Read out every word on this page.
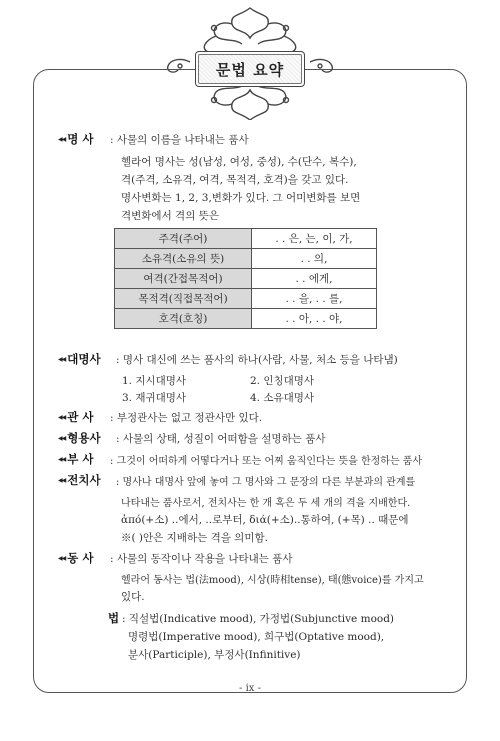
문법 요약
◀◀ 명 사 : 사물의 이름을 나타내는 품사
헬라어 명사는 성(남성, 여성, 중성), 수(단수, 복수),
격(주격, 소유격, 여격, 목적격, 호격)을 갖고 있다.
명사변화는 1, 2, 3,변화가 있다. 그 어미변화를 보면
격변화에서 격의 뜻은
주격(주어)	. . 은, 는, 이, 가,
소유격(소유의 뜻)	. . 의,
여격(간접목적어)	. . 에게,
목적격(직접목적어)	. . 을, . . 를,
호격(호칭)	. . 아, . . 야,
◀◀ 대명사 : 명사 대신에 쓰는 품사의 하나(사람, 사물, 처소 등을 나타냄)
1. 지시대명사	2. 인칭대명사
3. 재귀대명사	4. 소유대명사
◀◀ 관 사 : 부정관사는 없고 정관사만 있다.
◀◀ 형용사 : 사물의 상태, 성질이 어떠함을 설명하는 품사
◀◀ 부 사 : 그것이 어떠하게 어떻다거나 또는 어찌 움직인다는 뜻을 한정하는 품사
◀◀ 전치사 : 명사나 대명사 앞에 놓여 그 명사와 그 문장의 다른 부분과의 관계를
나타내는 품사로서, 전치사는 한 개 혹은 두 세 개의 격을 지배한다.
ἀπό(+소) ..에서, ..로부터, διά(+소)..통하여, (+목) .. 때문에
※( )안은 지배하는 격을 의미함.
◀◀ 동 사 : 사물의 동작이나 작용을 나타내는 품사
헬라어 동사는 법(法mood), 시상(時相tense), 태(態voice)를 가지고
있다.
법 : 직설법(Indicative mood), 가정법(Subjunctive mood)
명령법(Imperative mood), 희구법(Optative mood),
분사(Participle), 부정사(Infinitive)
- ix -
